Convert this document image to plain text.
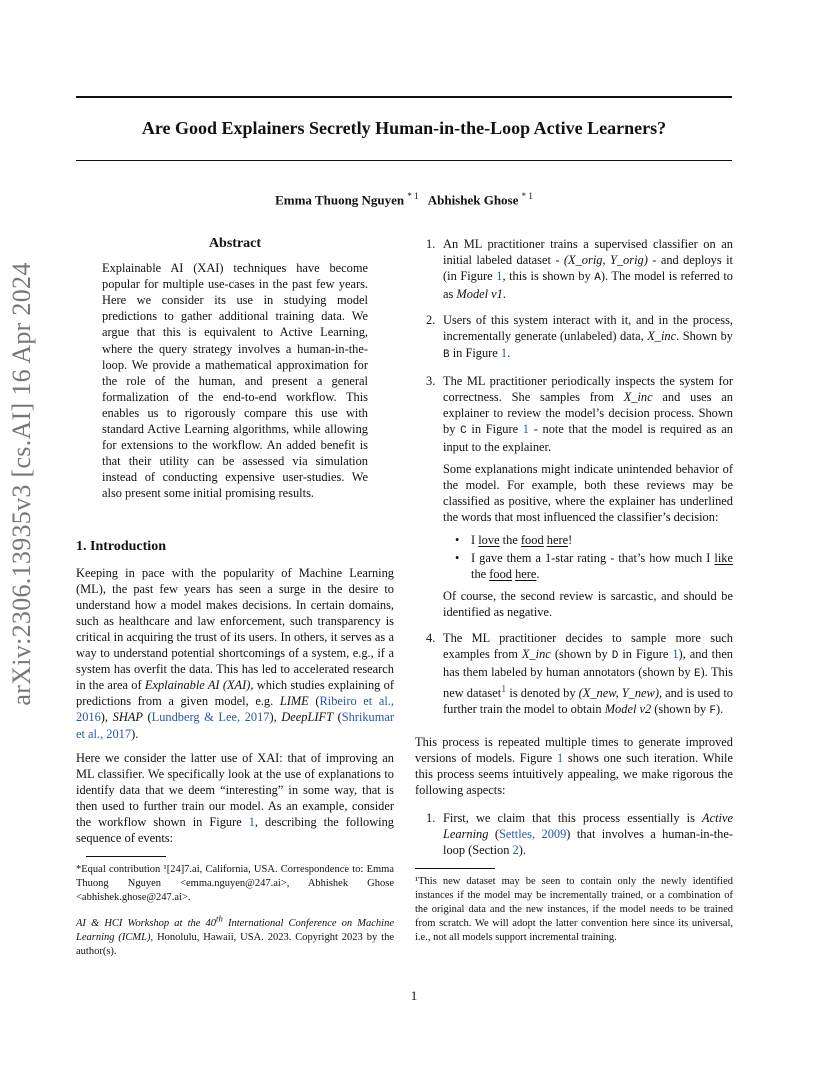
Are Good Explainers Secretly Human-in-the-Loop Active Learners?
Emma Thuong Nguyen $^{* 1}$ Abhishek Ghose $^{* 1}$
arXiv:2306.13935v3 [cs.AI] 16 Apr 2024
Abstract
Explainable AI (XAI) techniques have become popular for multiple use-cases in the past few years. Here we consider its use in studying model predictions to gather additional training data. We argue that this is equivalent to Active Learning, where the query strategy involves a human-in-the-loop. We provide a mathematical approximation for the role of the human, and present a general formalization of the end-to-end workflow. This enables us to rigorously compare this use with standard Active Learning algorithms, while allowing for extensions to the workflow. An added benefit is that their utility can be assessed via simulation instead of conducting expensive user-studies. We also present some initial promising results.
1. Introduction

Keeping in pace with the popularity of Machine Learning (ML), the past few years has seen a surge in the desire to understand how a model makes decisions. In certain domains, such as healthcare and law enforcement, such transparency is critical in acquiring the trust of its users. In others, it serves as a way to understand potential shortcomings of a system, e.g., if a system has overfit the data. This has led to accelerated research in the area of Explainable AI (XAI), which studies explaining of predictions from a given model, e.g. LIME (Ribeiro et al., 2016), SHAP (Lundberg & Lee, 2017), DeepLIFT (Shrikumar et al., 2017).

Here we consider the latter use of XAI: that of improving an ML classifier. We specifically look at the use of explanations to identify data that we deem “interesting” in some way, that is then used to further train our model. As an example, consider the workflow shown in Figure 1, describing the following sequence of events:

*Equal contribution ¹[24]7.ai, California, USA. Correspondence to: Emma Thuong Nguyen <emma.nguyen@247.ai>, Abhishek Ghose <abhishek.ghose@247.ai>.

AI & HCI Workshop at the 40th International Conference on Machine Learning (ICML), Honolulu, Hawaii, USA. 2023. Copyright 2023 by the author(s).

1. An ML practitioner trains a supervised classifier on an initial labeled dataset - (X_orig, Y_orig) - and deploys it (in Figure 1, this is shown by A). The model is referred to as Model v1.
2. Users of this system interact with it, and in the process, incrementally generate (unlabeled) data, X_inc. Shown by B in Figure 1.
3. The ML practitioner periodically inspects the system for correctness. She samples from X_inc and uses an explainer to review the model’s decision process. Shown by C in Figure 1 - note that the model is required as an input to the explainer.

Some explanations might indicate unintended behavior of the model. For example, both these reviews may be classified as positive, where the explainer has underlined the words that most influenced the classifier’s decision:

• I love the food here!
• I gave them a 1-star rating - that’s how much I like the food here.

Of course, the second review is sarcastic, and should be identified as negative.

4. The ML practitioner decides to sample more such examples from X_inc (shown by D in Figure 1), and then has them labeled by human annotators (shown by E). This new dataset$^1$ is denoted by (X_new, Y_new), and is used to further train the model to obtain Model v2 (shown by F).

This process is repeated multiple times to generate improved versions of models. Figure 1 shows one such iteration. While this process seems intuitively appealing, we make rigorous the following aspects:

1. First, we claim that this process essentially is Active Learning (Settles, 2009) that involves a human-in-the-loop (Section 2).

¹This new dataset may be seen to contain only the newly identified instances if the model may be incrementally trained, or a combination of the original data and the new instances, if the model needs to be trained from scratch. We will adopt the latter convention here since its universal, i.e., not all models support incremental training.

1
